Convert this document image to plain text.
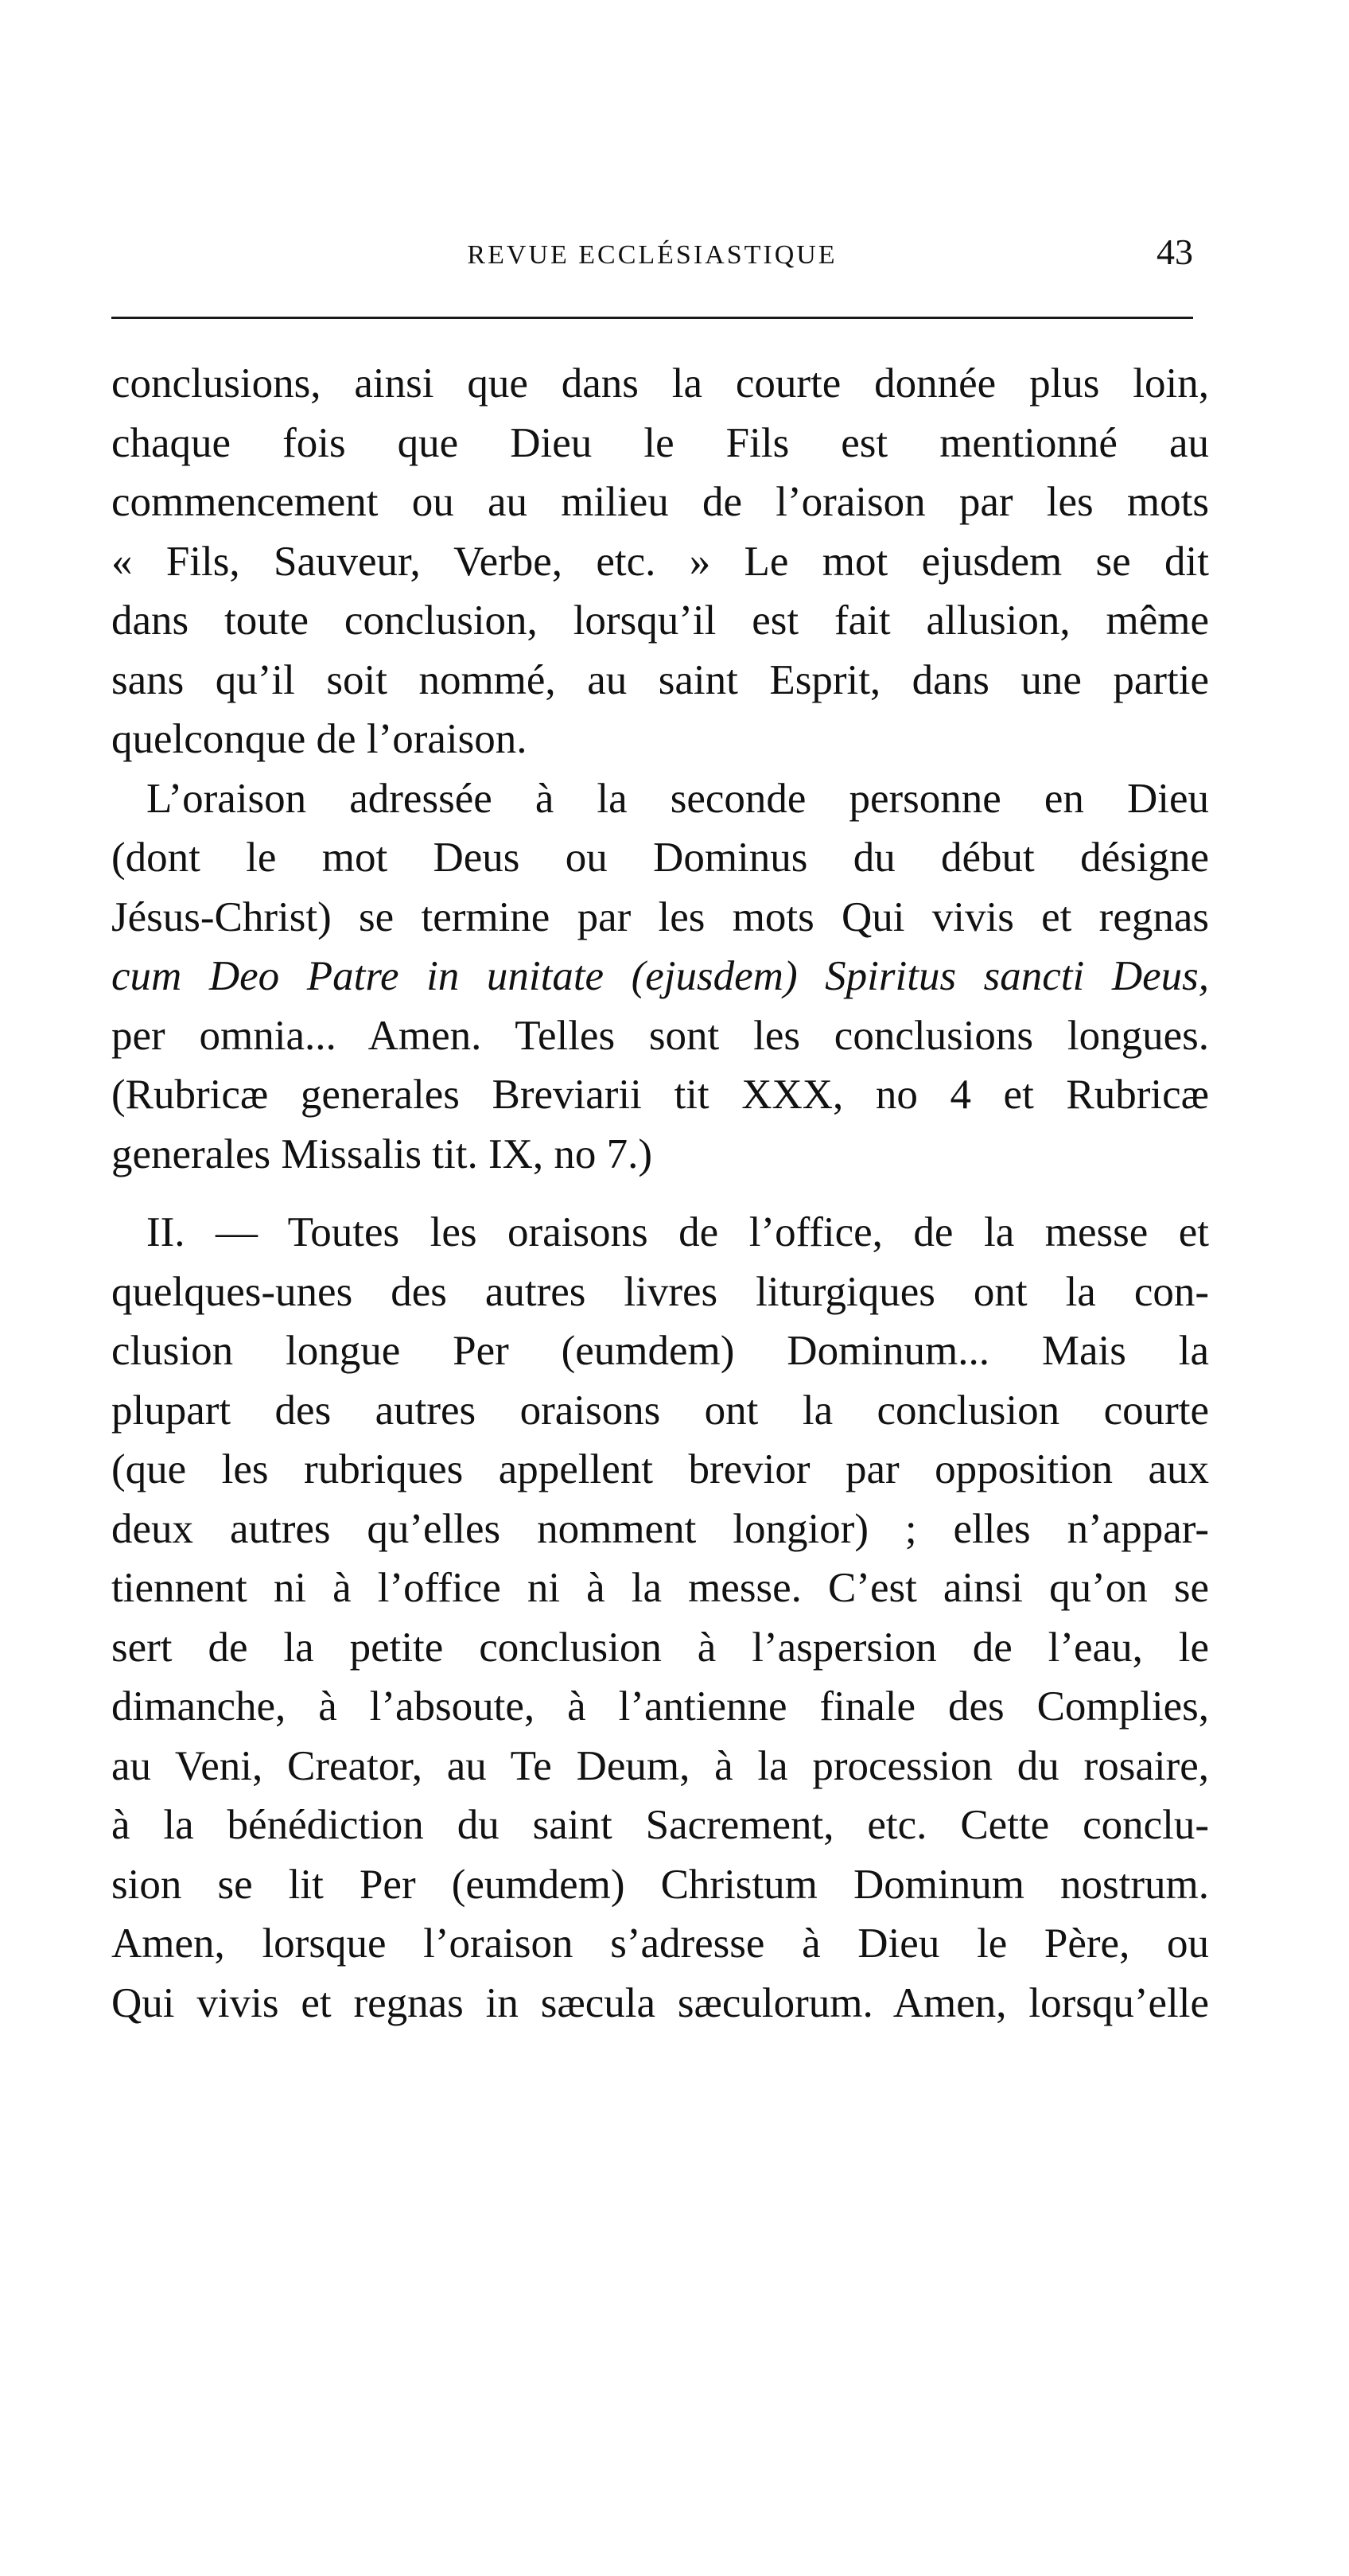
REVUE ECCLÉSIASTIQUE	43

conclusions, ainsi que dans la courte donnée plus loin,
chaque fois que Dieu le Fils est mentionné au
commencement ou au milieu de l’oraison par les mots
« Fils, Sauveur, Verbe, etc. » Le mot ejusdem se dit
dans toute conclusion, lorsqu’il est fait allusion, même
sans qu’il soit nommé, au saint Esprit, dans une partie
quelconque de l’oraison.

L’oraison adressée à la seconde personne en Dieu
(dont le mot Deus ou Dominus du début désigne
Jésus-Christ) se termine par les mots Qui vivis et regnas
cum Deo Patre in unitate (ejusdem) Spiritus sancti Deus,
per omnia... Amen. Telles sont les conclusions longues.
(Rubricæ generales Breviarii tit XXX, no 4 et Rubricæ
generales Missalis tit. IX, no 7.)

II. — Toutes les oraisons de l’office, de la messe et
quelques-unes des autres livres liturgiques ont la con-
clusion longue Per (eumdem) Dominum... Mais la
plupart des autres oraisons ont la conclusion courte
(que les rubriques appellent brevior par opposition aux
deux autres qu’elles nomment longior) ; elles n’appar-
tiennent ni à l’office ni à la messe. C’est ainsi qu’on se
sert de la petite conclusion à l’aspersion de l’eau, le
dimanche, à l’absoute, à l’antienne finale des Complies,
au Veni, Creator, au Te Deum, à la procession du rosaire,
à la bénédiction du saint Sacrement, etc. Cette conclu-
sion se lit Per (eumdem) Christum Dominum nostrum.
Amen, lorsque l’oraison s’adresse à Dieu le Père, ou
Qui vivis et regnas in sæcula sæculorum. Amen, lorsqu’elle
